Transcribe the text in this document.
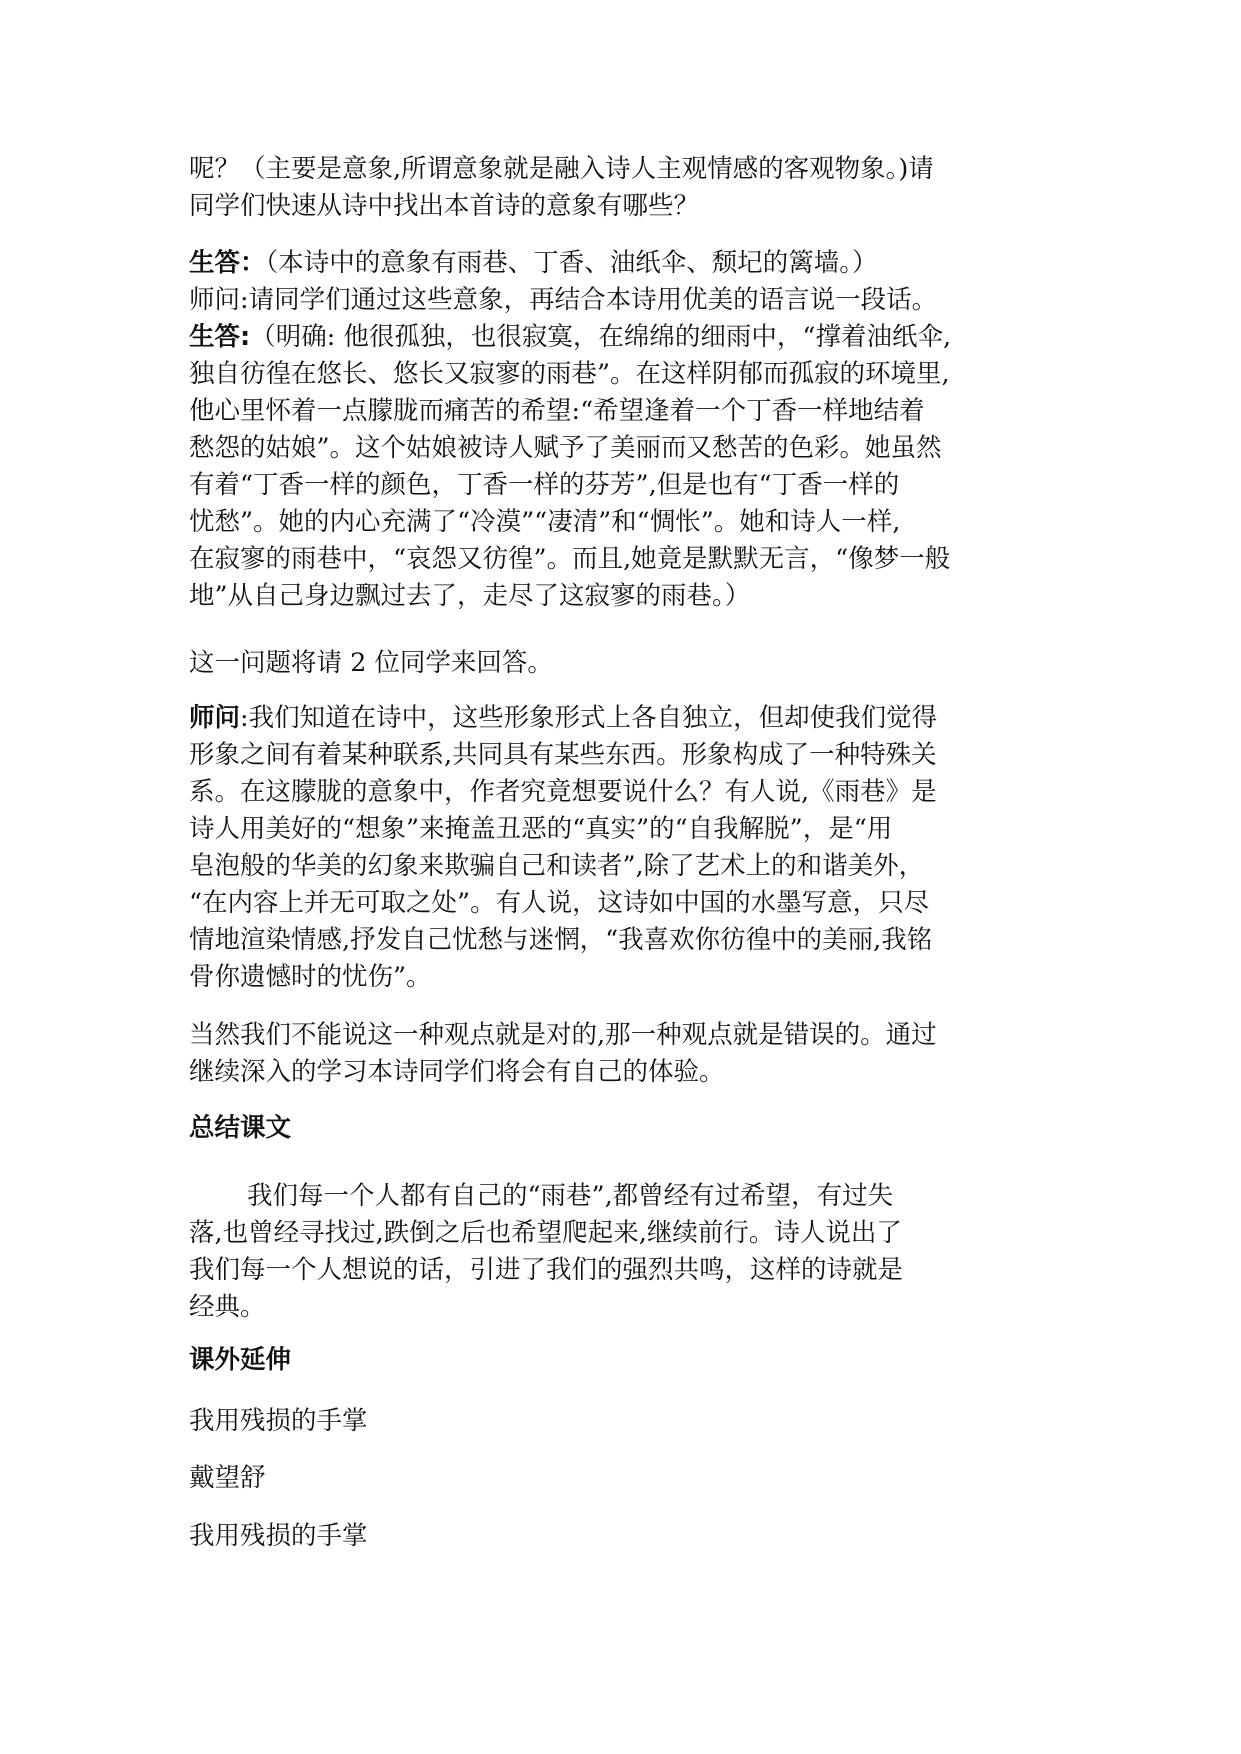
呢？（主要是意象,所谓意象就是融入诗人主观情感的客观物象。)请
同学们快速从诗中找出本首诗的意象有哪些？

生答：（本诗中的意象有雨巷、丁香、油纸伞、颓圮的篱墙。）
师问:请同学们通过这些意象，再结合本诗用优美的语言说一段话。
生答:（明确: 他很孤独，也很寂寞，在绵绵的细雨中，“撑着油纸伞,
独自彷徨在悠长、悠长又寂寥的雨巷”。在这样阴郁而孤寂的环境里,
他心里怀着一点朦胧而痛苦的希望:“希望逢着一个丁香一样地结着
愁怨的姑娘”。这个姑娘被诗人赋予了美丽而又愁苦的色彩。她虽然
有着“丁香一样的颜色，丁香一样的芬芳”,但是也有“丁香一样的
忧愁”。她的内心充满了“冷漠”“凄清”和“惆怅”。她和诗人一样,
在寂寥的雨巷中，“哀怨又彷徨”。而且,她竟是默默无言，“像梦一般
地”从自己身边飘过去了，走尽了这寂寥的雨巷。）

这一问题将请 2 位同学来回答。

师问:我们知道在诗中，这些形象形式上各自独立，但却使我们觉得
形象之间有着某种联系,共同具有某些东西。形象构成了一种特殊关
系。在这朦胧的意象中，作者究竟想要说什么？有人说,《雨巷》是
诗人用美好的“想象”来掩盖丑恶的“真实”的“自我解脱”，是“用
皂泡般的华美的幻象来欺骗自己和读者”,除了艺术上的和谐美外，
“在内容上并无可取之处”。有人说，这诗如中国的水墨写意，只尽
情地渲染情感,抒发自己忧愁与迷惘，“我喜欢你彷徨中的美丽,我铭
骨你遗憾时的忧伤”。

当然我们不能说这一种观点就是对的,那一种观点就是错误的。通过
继续深入的学习本诗同学们将会有自己的体验。

总结课文

我们每一个人都有自己的“雨巷”,都曾经有过希望，有过失
落,也曾经寻找过,跌倒之后也希望爬起来,继续前行。诗人说出了
我们每一个人想说的话，引进了我们的强烈共鸣，这样的诗就是
经典。

课外延伸

我用残损的手掌

戴望舒

我用残损的手掌
